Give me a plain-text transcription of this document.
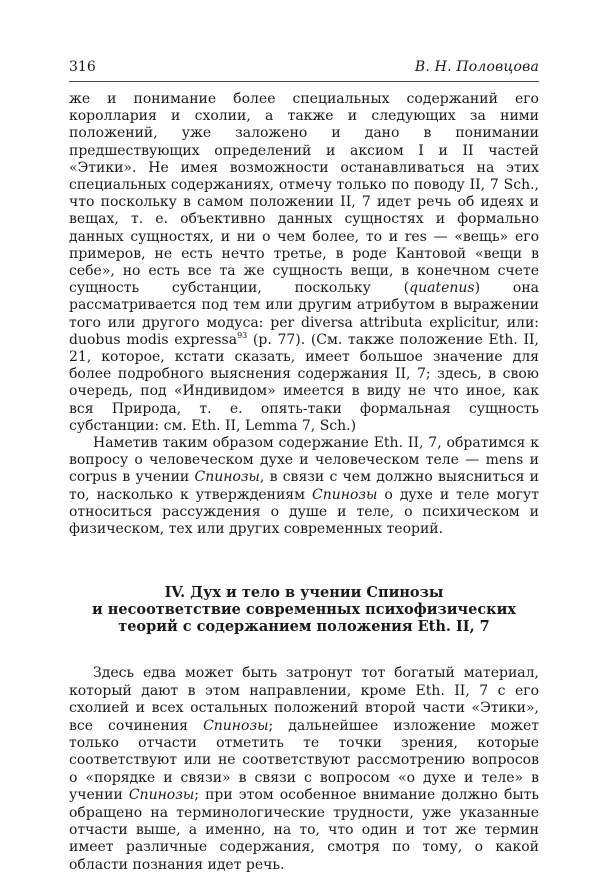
316	В. Н. Половцова

же и понимание более специальных содержаний его короллария и схолии, а также и следующих за ними положений, уже заложено и дано в понимании предшествующих определений и аксиом I и II частей «Этики». Не имея возможности останавливаться на этих специальных содержаниях, отмечу только по поводу II, 7 Sch., что поскольку в самом положении II, 7 идет речь об идеях и вещах, т. е. объективно данных сущностях и формально данных сущностях, и ни о чем более, то и res — «вещь» его примеров, не есть нечто третье, в роде Кантовой «вещи в себе», но есть все та же сущность вещи, в конечном счете сущность субстанции, поскольку (quatenus) она рассматривается под тем или другим атрибутом в выражении того или другого модуса: per diversa attributa explicitur, или: duobus modis expressa$^{93}$ (р. 77). (См. также положение Eth. II, 21, которое, кстати сказать, имеет большое значение для более подробного выяснения содержания II, 7; здесь, в свою очередь, под «Индивидом» имеется в виду не что иное, как вся Природа, т. е. опять-таки формальная сущность субстанции: см. Eth. II, Lemma 7, Sch.)

Наметив таким образом содержание Eth. II, 7, обратимся к вопросу о человеческом духе и человеческом теле — mens и corpus в учении Спинозы, в связи с чем должно выясниться и то, насколько к утверждениям Спинозы о духе и теле могут относиться рассуждения о душе и теле, о психическом и физическом, тех или других современных теорий.

IV. Дух и тело в учении Спинозы
и несоответствие современных психофизических
теорий с содержанием положения Eth. II, 7

Здесь едва может быть затронут тот богатый материал, который дают в этом направлении, кроме Eth. II, 7 с его схолией и всех остальных положений второй части «Этики», все сочинения Спинозы; дальнейшее изложение может только отчасти отметить те точки зрения, которые соответствуют или не соответствуют рассмотрению вопросов о «порядке и связи» в связи с вопросом «о духе и теле» в учении Спинозы; при этом особенное внимание должно быть обращено на терминологические трудности, уже указанные отчасти выше, а именно, на то, что один и тот же термин имеет различные содержания, смотря по тому, о какой области познания идет речь.
